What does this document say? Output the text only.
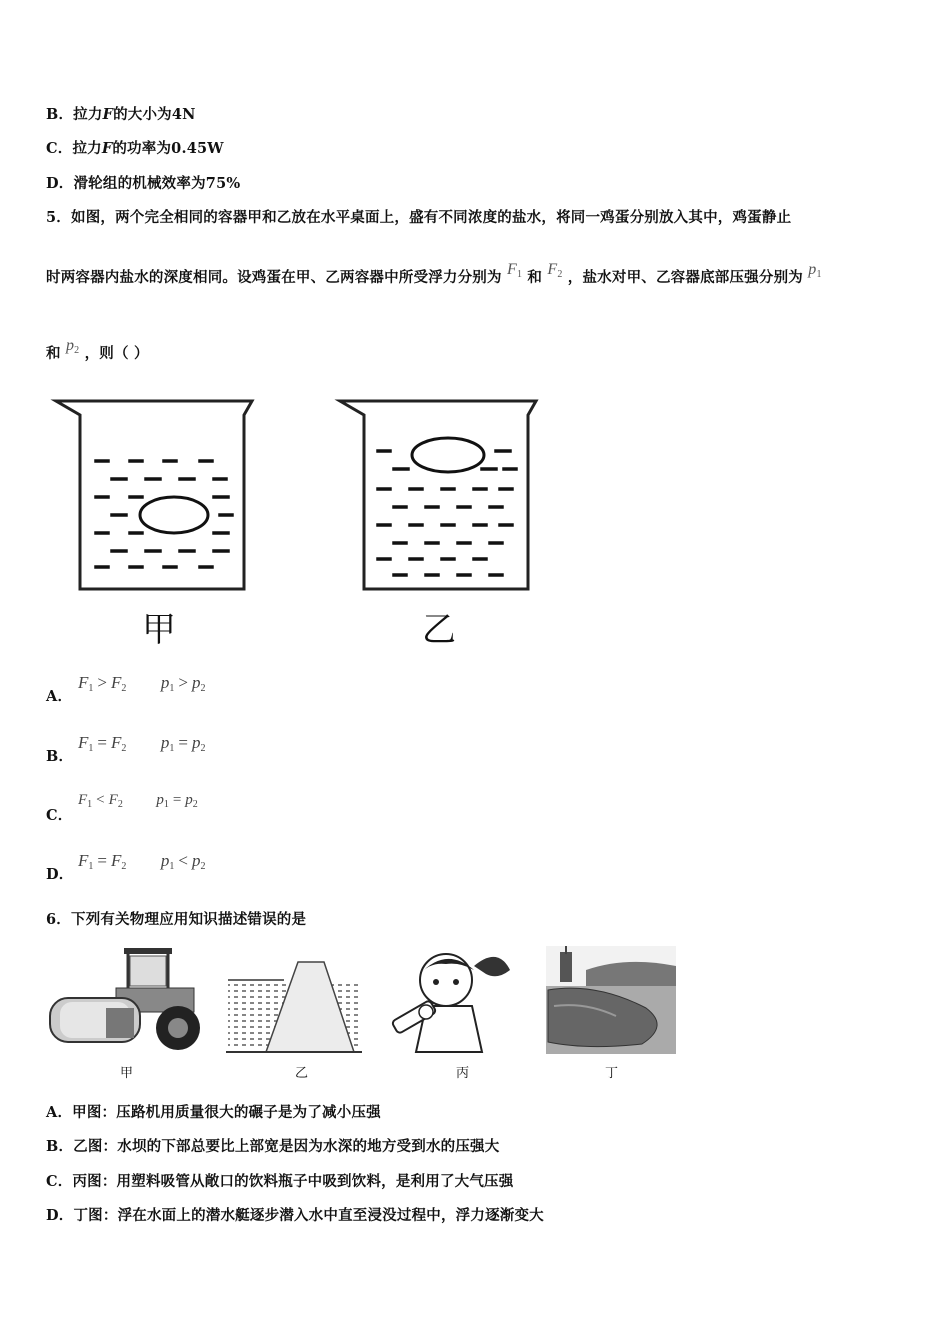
B．拉力F的大小为4N
C．拉力F的功率为0.45W
D．滑轮组的机械效率为75%
5．如图，两个完全相同的容器甲和乙放在水平桌面上，盛有不同浓度的盐水，将同一鸡蛋分别放入其中，鸡蛋静止
时两容器内盐水的深度相同。设鸡蛋在甲、乙两容器中所受浮力分别为 $F_1$ 和 $F_2$ ，盐水对甲、乙容器底部压强分别为 $p_1$
和 $p_2$ ，则（ ）
甲	乙
A．
$F_1 > F_2$ $p_1 > p_2$
B．
$F_1 = F_2$ $p_1 = p_2$
C．
$F_1 < F_2$ $p_1 = p_2$
D．
$F_1 = F_2$ $p_1 < p_2$
6．下列有关物理应用知识描述错误的是
甲	乙	丙	丁
A．甲图：压路机用质量很大的碾子是为了减小压强
B．乙图：水坝的下部总要比上部宽是因为水深的地方受到水的压强大
C．丙图：用塑料吸管从敞口的饮料瓶子中吸到饮料，是利用了大气压强
D．丁图：浮在水面上的潜水艇逐步潜入水中直至浸没过程中，浮力逐渐变大
